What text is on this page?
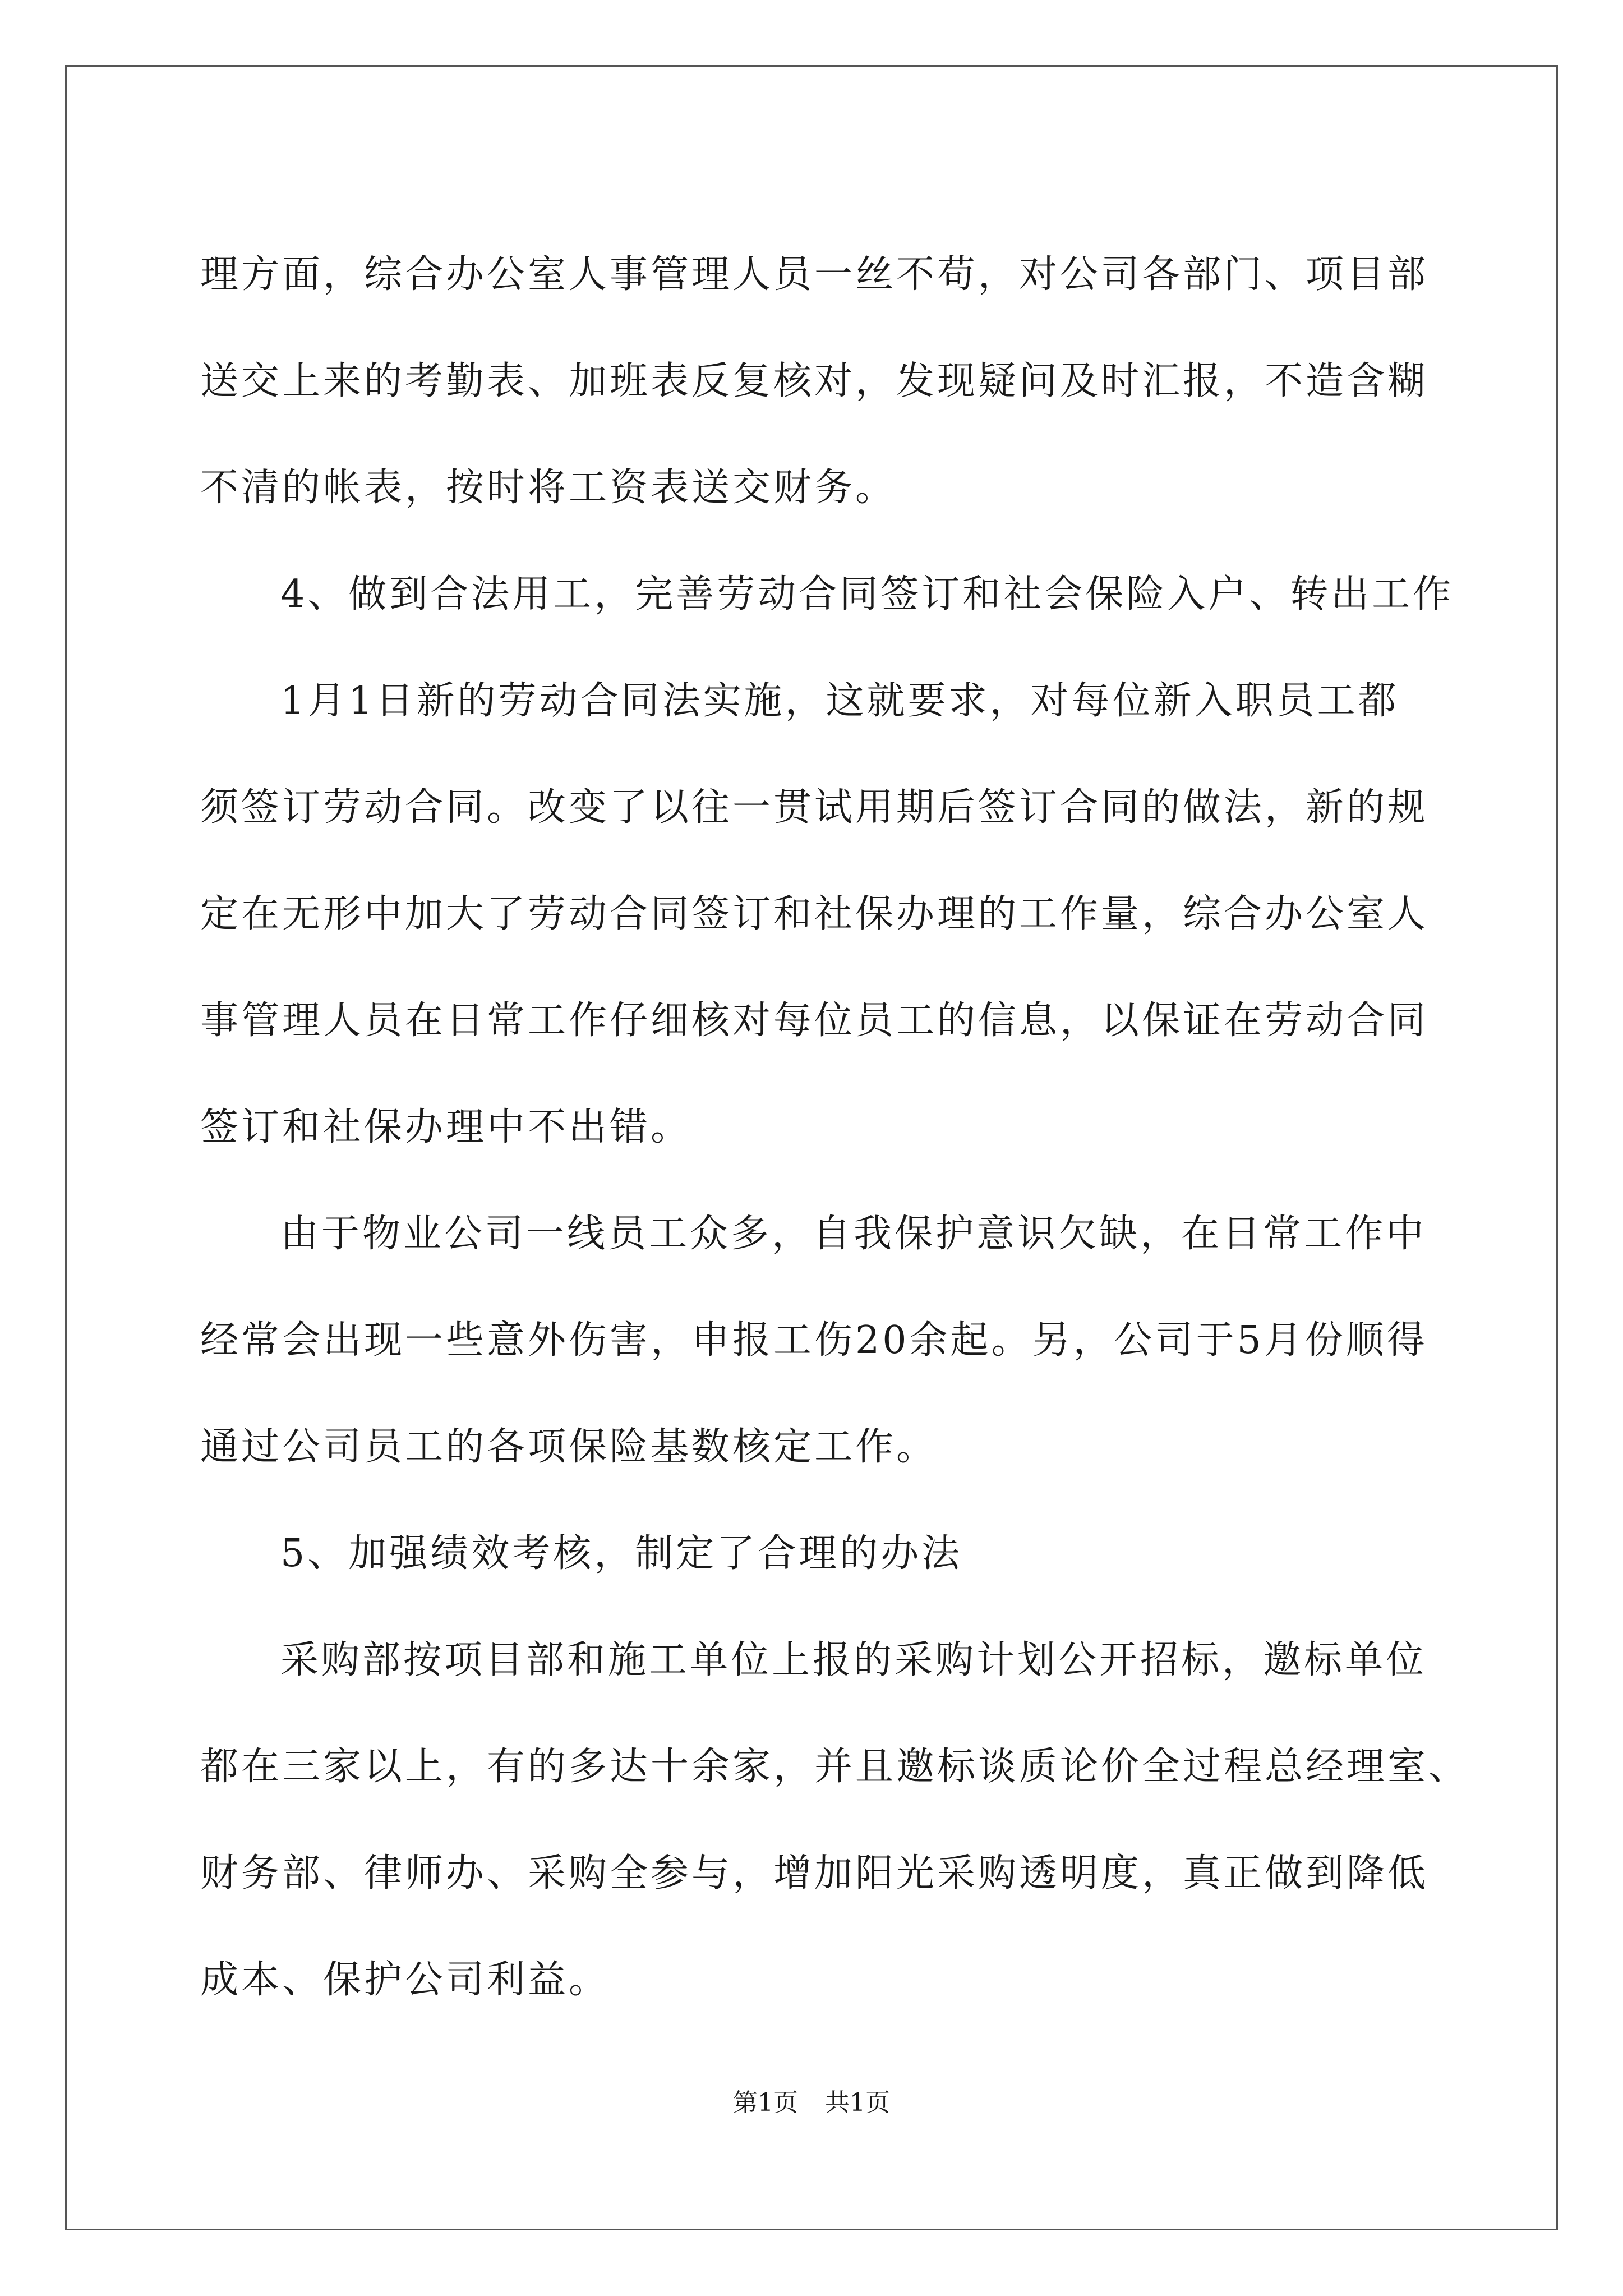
理方面，综合办公室人事管理人员一丝不苟，对公司各部门、项目部
送交上来的考勤表、加班表反复核对，发现疑问及时汇报，不造含糊
不清的帐表，按时将工资表送交财务。
4、做到合法用工，完善劳动合同签订和社会保险入户、转出工作
1月1日新的劳动合同法实施，这就要求，对每位新入职员工都
须签订劳动合同。改变了以往一贯试用期后签订合同的做法，新的规
定在无形中加大了劳动合同签订和社保办理的工作量，综合办公室人
事管理人员在日常工作仔细核对每位员工的信息，以保证在劳动合同
签订和社保办理中不出错。
由于物业公司一线员工众多，自我保护意识欠缺，在日常工作中
经常会出现一些意外伤害，申报工伤20余起。另，公司于5月份顺得
通过公司员工的各项保险基数核定工作。
5、加强绩效考核，制定了合理的办法
采购部按项目部和施工单位上报的采购计划公开招标，邀标单位
都在三家以上，有的多达十余家，并且邀标谈质论价全过程总经理室、
财务部、律师办、采购全参与，增加阳光采购透明度，真正做到降低
成本、保护公司利益。
第1页 共1页
